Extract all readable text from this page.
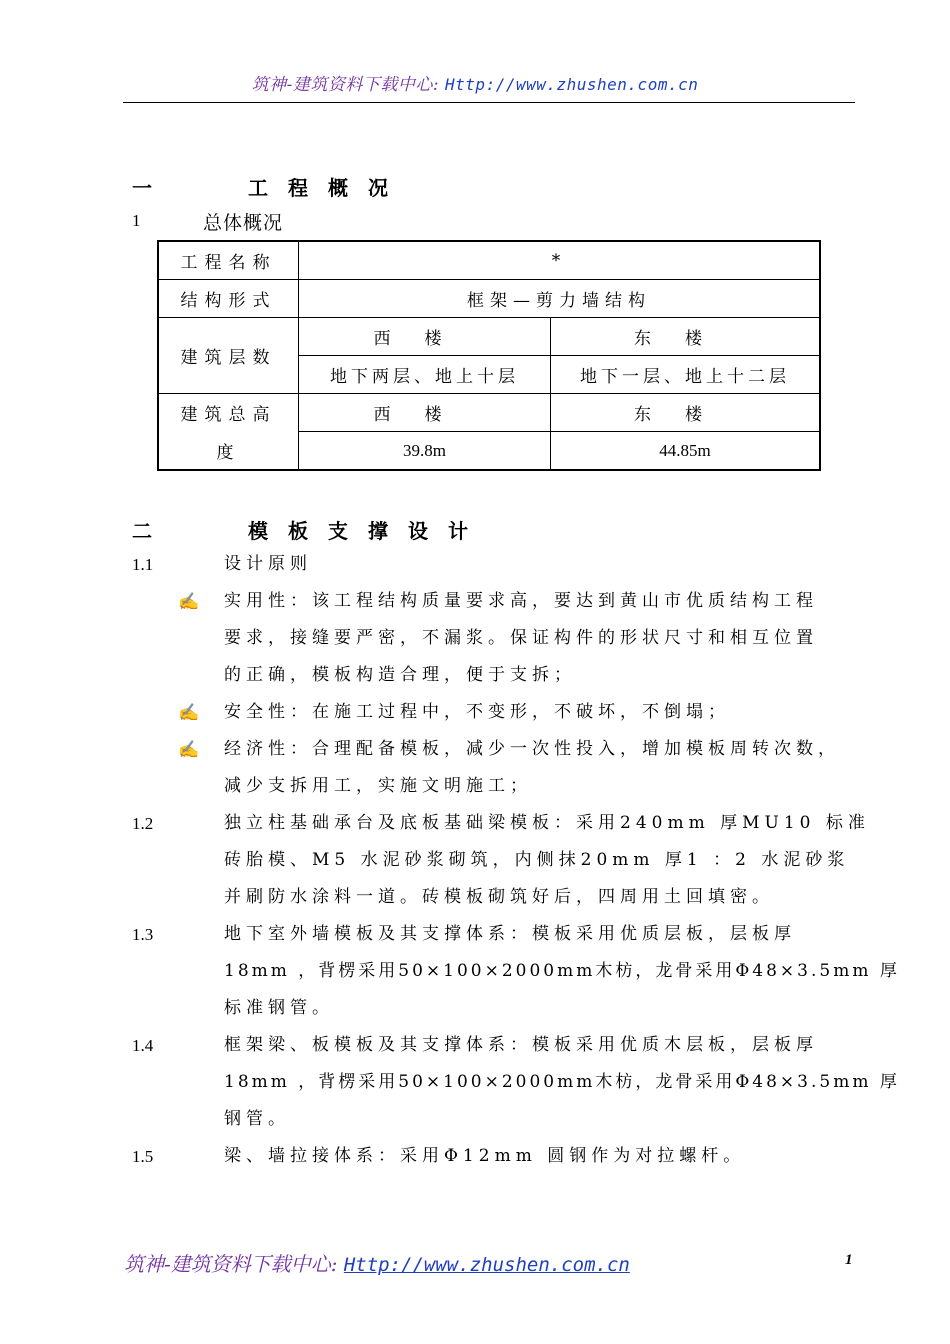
筑神-建筑资料下载中心: Http://www.zhushen.com.cn
一	工程概况
1	总体概况
工程名称	*	
结构形式	框架—剪力墙结构	
建筑层数	西楼	东楼
	地下两层、地上十层	地下一层、地上十二层
建筑总高	西楼	东楼
度	39.8m	44.85m
二	模板支撑设计
1.1	设计原则
✍ 实用性：该工程结构质量要求高，要达到黄山市优质结构工程
要求，接缝要严密，不漏浆。保证构件的形状尺寸和相互位置
的正确，模板构造合理，便于支拆；
✍ 安全性：在施工过程中，不变形，不破坏，不倒塌；
✍ 经济性：合理配备模板，减少一次性投入，增加模板周转次数，
减少支拆用工，实施文明施工；
1.2	独立柱基础承台及底板基础梁模板：采用240mm 厚MU10 标准
砖胎模、M5 水泥砂浆砌筑，内侧抹20mm 厚1 ：2 水泥砂浆
并刷防水涂料一道。砖模板砌筑好后，四周用土回填密。
1.3	地下室外墙模板及其支撑体系：模板采用优质层板，层板厚
18mm ，背楞采用50×100×2000mm木枋，龙骨采用Φ48×3.5mm 厚
标准钢管。
1.4	框架梁、板模板及其支撑体系：模板采用优质木层板，层板厚
18mm ，背楞采用50×100×2000mm木枋，龙骨采用Φ48×3.5mm 厚
钢管。
1.5	梁、墙拉接体系：采用Φ12mm 圆钢作为对拉螺杆。
筑神-建筑资料下载中心: Http://www.zhushen.com.cn	1
